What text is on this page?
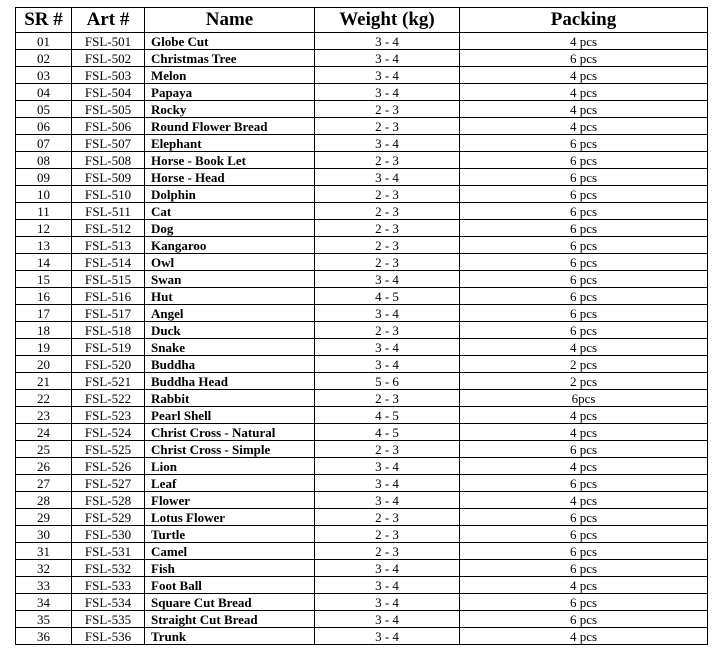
SR #	Art #	Name	Weight (kg)	Packing
01	FSL-501	Globe Cut	3 - 4	4 pcs
02	FSL-502	Christmas Tree	3 - 4	6 pcs
03	FSL-503	Melon	3 - 4	4 pcs
04	FSL-504	Papaya	3 - 4	4 pcs
05	FSL-505	Rocky	2 - 3	4 pcs
06	FSL-506	Round Flower Bread	2 - 3	4 pcs
07	FSL-507	Elephant	3 - 4	6 pcs
08	FSL-508	Horse - Book Let	2 - 3	6 pcs
09	FSL-509	Horse - Head	3 - 4	6 pcs
10	FSL-510	Dolphin	2 - 3	6 pcs
11	FSL-511	Cat	2 - 3	6 pcs
12	FSL-512	Dog	2 - 3	6 pcs
13	FSL-513	Kangaroo	2 - 3	6 pcs
14	FSL-514	Owl	2 - 3	6 pcs
15	FSL-515	Swan	3 - 4	6 pcs
16	FSL-516	Hut	4 - 5	6 pcs
17	FSL-517	Angel	3 - 4	6 pcs
18	FSL-518	Duck	2 - 3	6 pcs
19	FSL-519	Snake	3 - 4	4 pcs
20	FSL-520	Buddha	3 - 4	2 pcs
21	FSL-521	Buddha Head	5 - 6	2 pcs
22	FSL-522	Rabbit	2 - 3	6pcs
23	FSL-523	Pearl Shell	4 - 5	4 pcs
24	FSL-524	Christ Cross - Natural	4 - 5	4 pcs
25	FSL-525	Christ Cross - Simple	2 - 3	6 pcs
26	FSL-526	Lion	3 - 4	4 pcs
27	FSL-527	Leaf	3 - 4	6 pcs
28	FSL-528	Flower	3 - 4	4 pcs
29	FSL-529	Lotus Flower	2 - 3	6 pcs
30	FSL-530	Turtle	2 - 3	6 pcs
31	FSL-531	Camel	2 - 3	6 pcs
32	FSL-532	Fish	3 - 4	6 pcs
33	FSL-533	Foot Ball	3 - 4	4 pcs
34	FSL-534	Square Cut Bread	3 - 4	6 pcs
35	FSL-535	Straight Cut Bread	3 - 4	6 pcs
36	FSL-536	Trunk	3 - 4	4 pcs
